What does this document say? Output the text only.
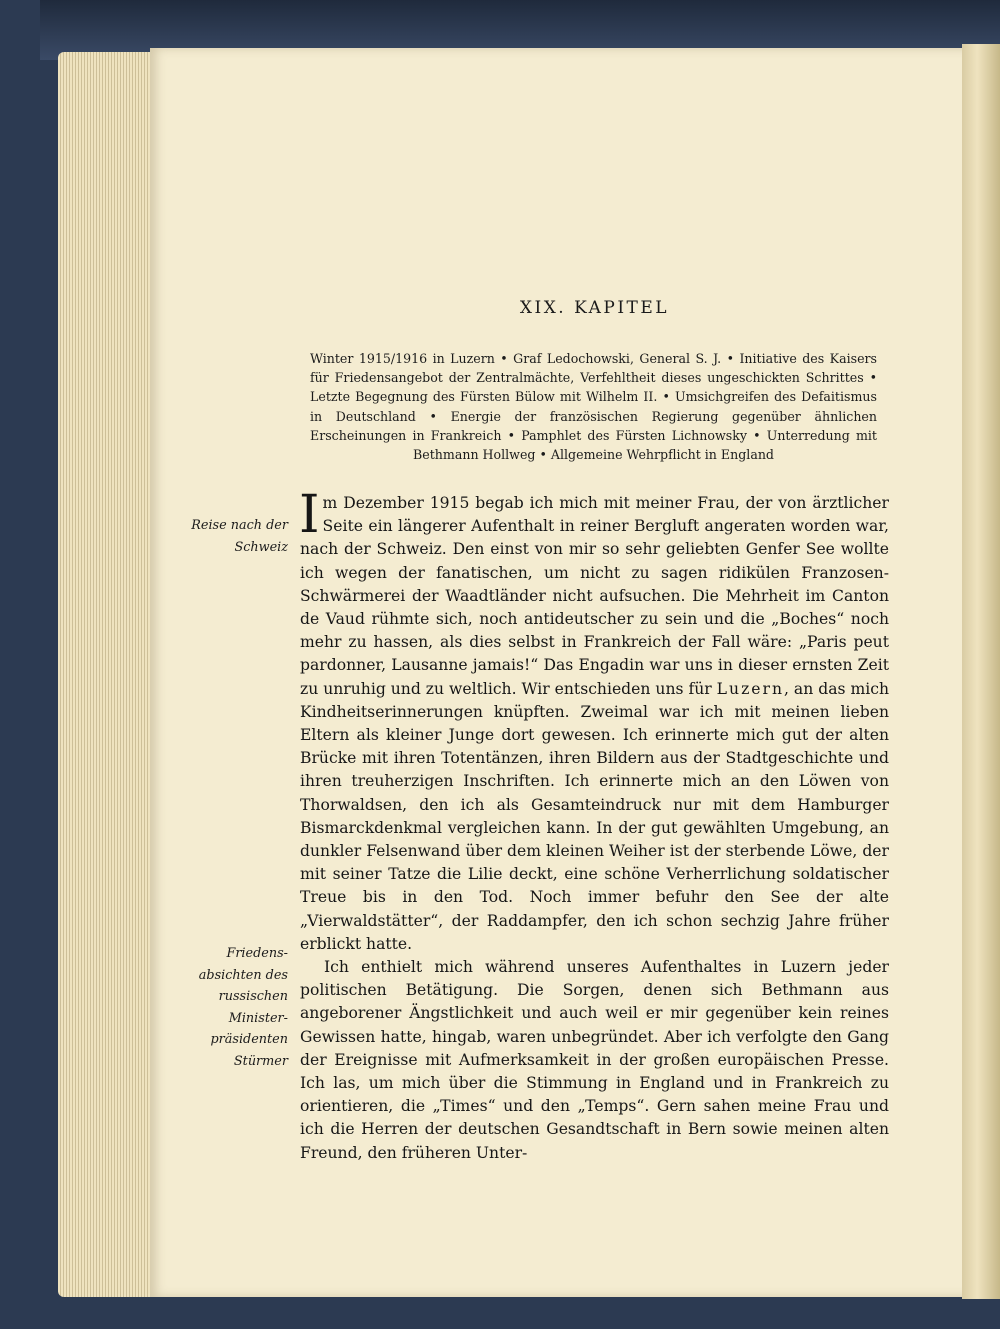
XIX. KAPITEL
Winter 1915/1916 in Luzern • Graf Ledochowski, General S. J. • Initiative des Kaisers für Friedensangebot der Zentralmächte, Verfehltheit dieses ungeschickten Schrittes • Letzte Begegnung des Fürsten Bülow mit Wilhelm II. • Umsichgreifen des Defaitismus in Deutschland • Energie der französischen Regierung gegenüber ähnlichen Erscheinungen in Frankreich • Pamphlet des Fürsten Lichnowsky • Unterredung mit Bethmann Hollweg • Allgemeine Wehrpflicht in England
Reise nach der Schweiz
Friedens-absichten des russischen Minister-präsidenten Stürmer

Im Dezember 1915 begab ich mich mit meiner Frau, der von ärztlicher Seite ein längerer Aufenthalt in reiner Bergluft angeraten worden war, nach der Schweiz. Den einst von mir so sehr geliebten Genfer See wollte ich wegen der fanatischen, um nicht zu sagen ridikülen Franzosen-Schwärmerei der Waadtländer nicht aufsuchen. Die Mehrheit im Canton de Vaud rühmte sich, noch antideutscher zu sein und die „Boches“ noch mehr zu hassen, als dies selbst in Frankreich der Fall wäre: „Paris peut pardonner, Lausanne jamais!“ Das Engadin war uns in dieser ernsten Zeit zu unruhig und zu weltlich. Wir entschieden uns für Luzern, an das mich Kindheitserinnerungen knüpften. Zweimal war ich mit meinen lieben Eltern als kleiner Junge dort gewesen. Ich erinnerte mich gut der alten Brücke mit ihren Totentänzen, ihren Bildern aus der Stadtgeschichte und ihren treuherzigen Inschriften. Ich erinnerte mich an den Löwen von Thorwaldsen, den ich als Gesamteindruck nur mit dem Hamburger Bismarckdenkmal vergleichen kann. In der gut gewählten Umgebung, an dunkler Felsenwand über dem kleinen Weiher ist der sterbende Löwe, der mit seiner Tatze die Lilie deckt, eine schöne Verherrlichung soldatischer Treue bis in den Tod. Noch immer befuhr den See der alte „Vierwaldstätter“, der Raddampfer, den ich schon sechzig Jahre früher erblickt hatte.

Ich enthielt mich während unseres Aufenthaltes in Luzern jeder politischen Betätigung. Die Sorgen, denen sich Bethmann aus angeborener Ängstlichkeit und auch weil er mir gegenüber kein reines Gewissen hatte, hingab, waren unbegründet. Aber ich verfolgte den Gang der Ereignisse mit Aufmerksamkeit in der großen europäischen Presse. Ich las, um mich über die Stimmung in England und in Frankreich zu orientieren, die „Times“ und den „Temps“. Gern sahen meine Frau und ich die Herren der deutschen Gesandtschaft in Bern sowie meinen alten Freund, den früheren Unter-
